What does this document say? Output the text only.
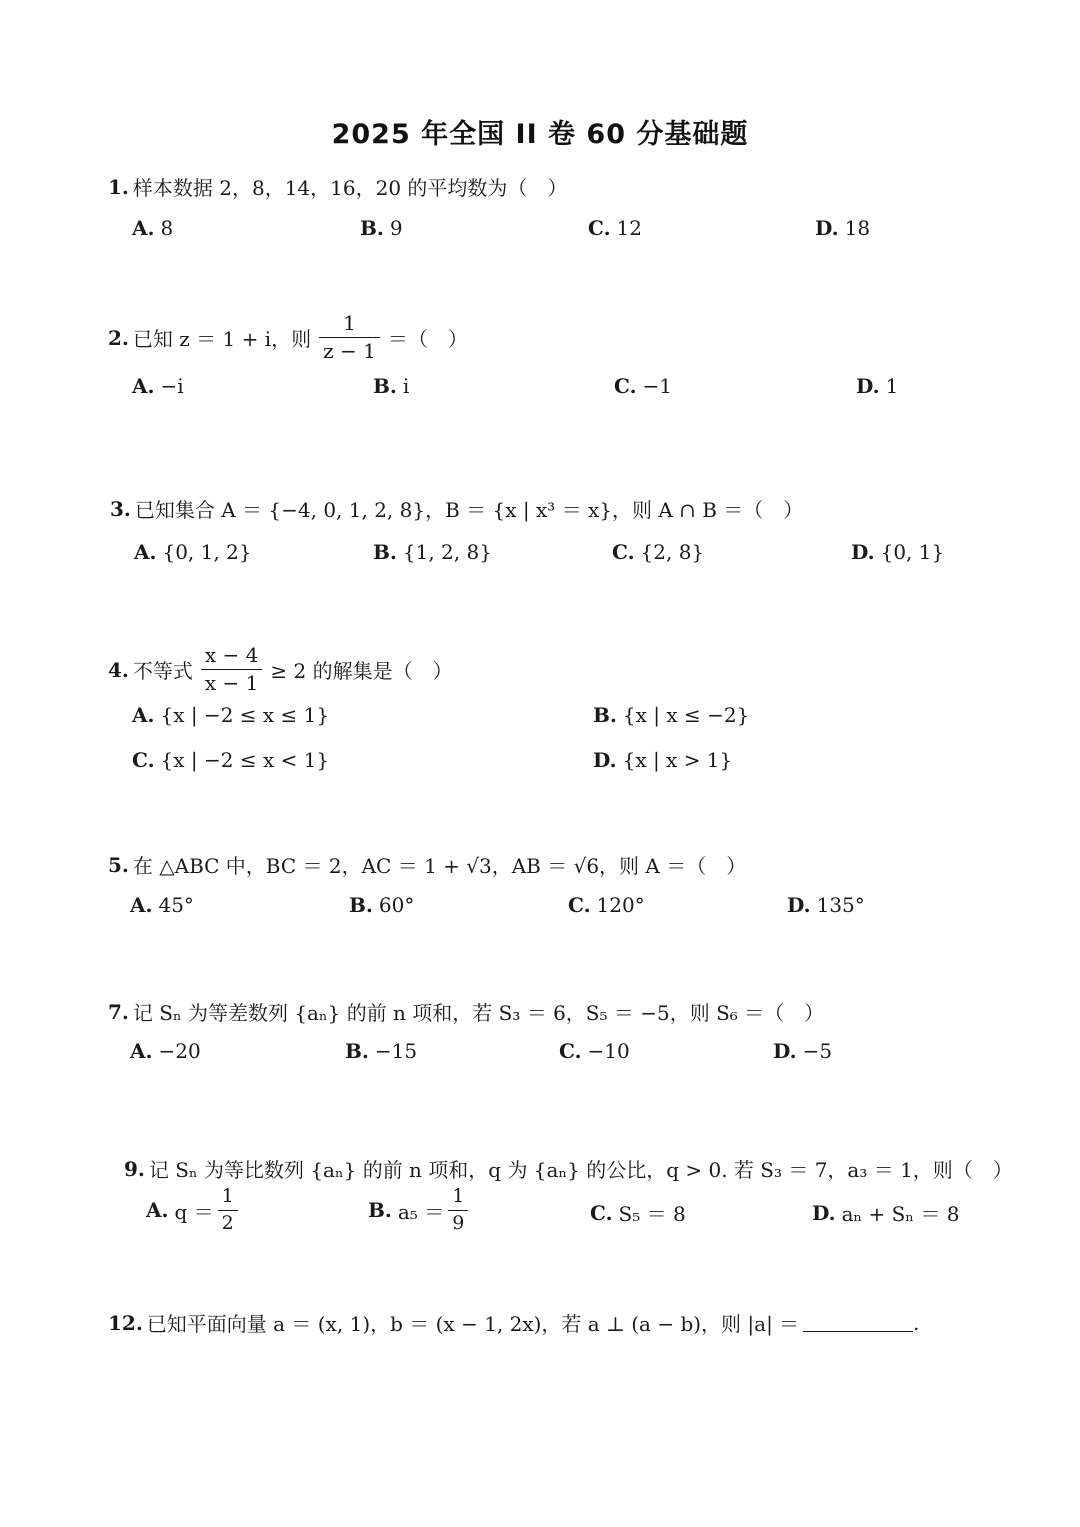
2025 年全国 II 卷 60 分基础题
1. 样本数据 2，8，14，16，20 的平均数为（　）
A. 8	B. 9	C. 12	D. 18
2. 已知 z ＝ 1 + i，则 $\frac{1}{z - 1}$ ＝（　）
A. −i	B. i	C. −1	D. 1
3. 已知集合 A ＝ {−4, 0, 1, 2, 8}，B ＝ {x | x³ ＝ x}，则 A ∩ B ＝（　）
A. {0, 1, 2}	B. {1, 2, 8}	C. {2, 8}	D. {0, 1}
4. 不等式 $\frac{x - 4}{x - 1} \ge 2$ 的解集是（　）
A. {x | −2 ≤ x ≤ 1}	B. {x | x ≤ −2}
C. {x | −2 ≤ x < 1}	D. {x | x > 1}
5. 在 △ABC 中，BC ＝ 2，AC ＝ 1 + √3，AB ＝ √6，则 A ＝（　）
A. 45°	B. 60°	C. 120°	D. 135°
7. 记 Sₙ 为等差数列 {aₙ} 的前 n 项和，若 S₃ ＝ 6，S₅ ＝ −5，则 S₆ ＝（　）
A. −20	B. −15	C. −10	D. −5
9. 记 Sₙ 为等比数列 {aₙ} 的前 n 项和，q 为 {aₙ} 的公比，q > 0. 若 S₃ ＝ 7，a₃ ＝ 1，则（　）
A. $q = \frac{1}{2}$	B. $a_5 = \frac{1}{9}$	C. S₅ ＝ 8	D. aₙ + Sₙ ＝ 8
12. 已知平面向量 a ＝ (x, 1)，b ＝ (x − 1, 2x)，若 a ⊥ (a − b)，则 |a| ＝	.
